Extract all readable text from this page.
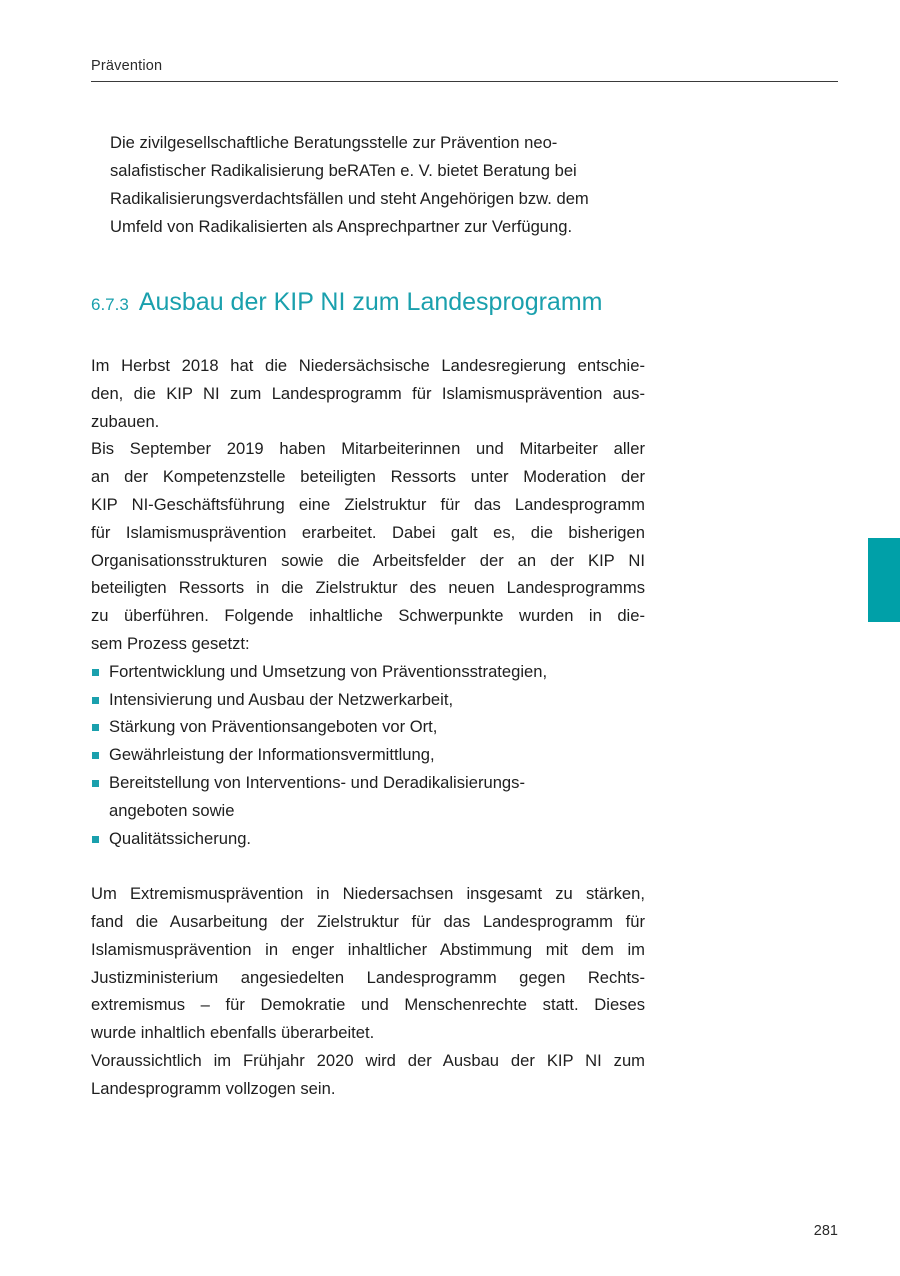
Prävention

Die zivilgesellschaftliche Beratungsstelle zur Prävention neo-
salafistischer Radikalisierung beRATen e. V. bietet Beratung bei
Radikalisierungsverdachtsfällen und steht Angehörigen bzw. dem
Umfeld von Radikalisierten als Ansprechpartner zur Verfügung.

6.7.3 Ausbau der KIP NI zum Landesprogramm
Im Herbst 2018 hat die Niedersächsische Landesregierung entschie-
den, die KIP NI zum Landesprogramm für Islamismusprävention aus-
zubauen.
Bis September 2019 haben Mitarbeiterinnen und Mitarbeiter aller
an der Kompetenzstelle beteiligten Ressorts unter Moderation der
KIP NI-Geschäftsführung eine Zielstruktur für das Landesprogramm
für Islamismusprävention erarbeitet. Dabei galt es, die bisherigen
Organisationsstrukturen sowie die Arbeitsfelder der an der KIP NI
beteiligten Ressorts in die Zielstruktur des neuen Landesprogramms
zu überführen. Folgende inhaltliche Schwerpunkte wurden in die-
sem Prozess gesetzt:
Fortentwicklung und Umsetzung von Präventionsstrategien,
Intensivierung und Ausbau der Netzwerkarbeit,
Stärkung von Präventionsangeboten vor Ort,
Gewährleistung der Informationsvermittlung,
Bereitstellung von Interventions- und Deradikalisierungs-
angeboten sowie
Qualitätssicherung.
Um Extremismusprävention in Niedersachsen insgesamt zu stärken,
fand die Ausarbeitung der Zielstruktur für das Landesprogramm für
Islamismusprävention in enger inhaltlicher Abstimmung mit dem im
Justizministerium angesiedelten Landesprogramm gegen Rechts-
extremismus – für Demokratie und Menschenrechte statt. Dieses
wurde inhaltlich ebenfalls überarbeitet.
Voraussichtlich im Frühjahr 2020 wird der Ausbau der KIP NI zum
Landesprogramm vollzogen sein.
281
